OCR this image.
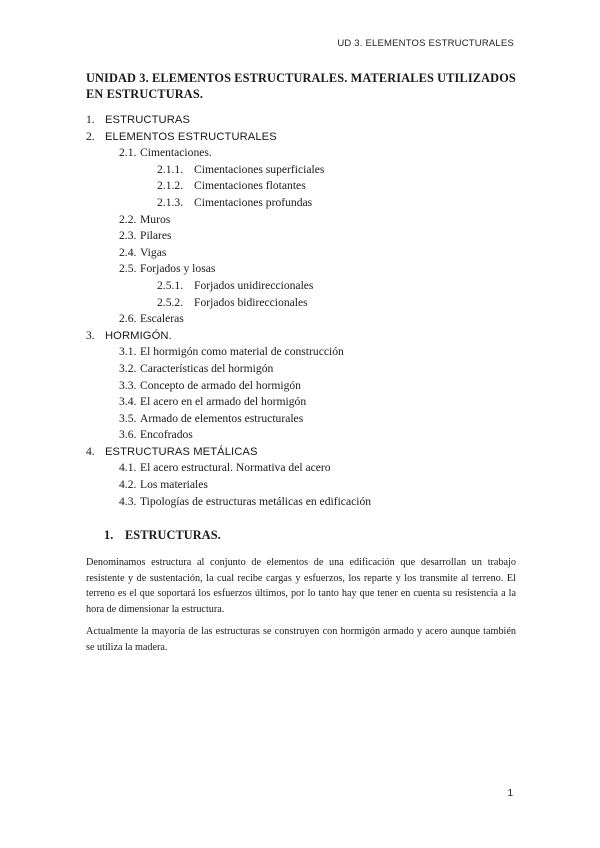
UD 3. ELEMENTOS ESTRUCTURALES
UNIDAD 3. ELEMENTOS ESTRUCTURALES. MATERIALES UTILIZADOS EN ESTRUCTURAS.
1. ESTRUCTURAS
2. ELEMENTOS ESTRUCTURALES
2.1. Cimentaciones.
2.1.1. Cimentaciones superficiales
2.1.2. Cimentaciones flotantes
2.1.3. Cimentaciones profundas
2.2. Muros
2.3. Pilares
2.4. Vigas
2.5. Forjados y losas
2.5.1. Forjados unidireccionales
2.5.2. Forjados bidireccionales
2.6. Escaleras
3. HORMIGÓN.
3.1. El hormigón como material de construcción
3.2. Características del hormigón
3.3. Concepto de armado del hormigón
3.4. El acero en el armado del hormigón
3.5. Armado de elementos estructurales
3.6. Encofrados
4. ESTRUCTURAS METÁLICAS
4.1. El acero estructural. Normativa del acero
4.2. Los materiales
4.3. Tipologías de estructuras metálicas en edificación
1. ESTRUCTURAS.

Denominamos estructura al conjunto de elementos de una edificación que desarrollan un trabajo resistente y de sustentación, la cual recibe cargas y esfuerzos, los reparte y los transmite al terreno. El terreno es el que soportará los esfuerzos últimos, por lo tanto hay que tener en cuenta su resistencia a la hora de dimensionar la estructura.

Actualmente la mayoría de las estructuras se construyen con hormigón armado y acero aunque también se utiliza la madera.

1
